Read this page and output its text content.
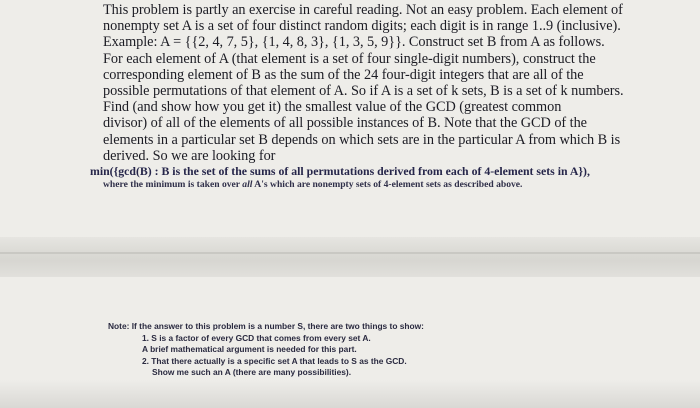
This problem is partly an exercise in careful reading. Not an easy problem. Each element of
nonempty set A is a set of four distinct random digits; each digit is in range 1..9 (inclusive).
Example: A = {{2, 4, 7, 5}, {1, 4, 8, 3}, {1, 3, 5, 9}}. Construct set B from A as follows.
For each element of A (that element is a set of four single-digit numbers), construct the
corresponding element of B as the sum of the 24 four-digit integers that are all of the
possible permutations of that element of A. So if A is a set of k sets, B is a set of k numbers.
Find (and show how you get it) the smallest value of the GCD (greatest common
divisor) of all of the elements of all possible instances of B. Note that the GCD of the
elements in a particular set B depends on which sets are in the particular A from which B is
derived. So we are looking for
min({gcd(B) : B is the set of the sums of all permutations derived from each of 4-element sets in A}),
where the minimum is taken over all A's which are nonempty sets of 4-element sets as described above.
Note: If the answer to this problem is a number S, there are two things to show:
1. S is a factor of every GCD that comes from every set A.
A brief mathematical argument is needed for this part.
2. That there actually is a specific set A that leads to S as the GCD.
Show me such an A (there are many possibilities).
